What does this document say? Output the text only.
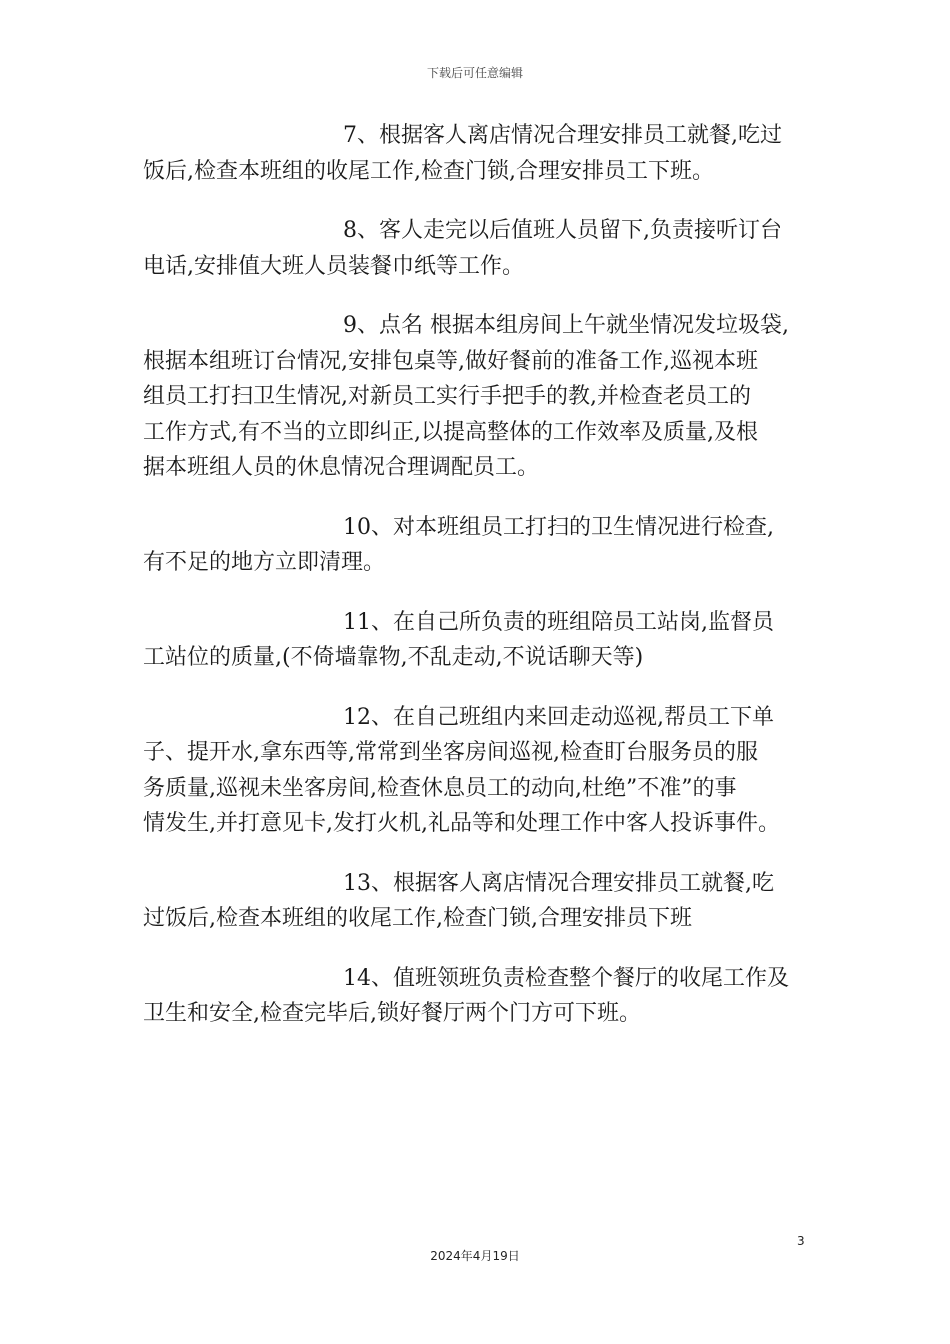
下载后可任意编辑

7、根据客人离店情况合理安排员工就餐,吃过
饭后,检查本班组的收尾工作,检查门锁,合理安排员工下班。

8、客人走完以后值班人员留下,负责接听订台
电话,安排值大班人员装餐巾纸等工作。

9、点名 根据本组房间上午就坐情况发垃圾袋,
根据本组班订台情况,安排包桌等,做好餐前的准备工作,巡视本班
组员工打扫卫生情况,对新员工实行手把手的教,并检查老员工的
工作方式,有不当的立即纠正,以提高整体的工作效率及质量,及根
据本班组人员的休息情况合理调配员工。

10、对本班组员工打扫的卫生情况进行检查,
有不足的地方立即清理。

11、在自己所负责的班组陪员工站岗,监督员
工站位的质量,(不倚墙靠物,不乱走动,不说话聊天等)

12、在自己班组内来回走动巡视,帮员工下单
子、提开水,拿东西等,常常到坐客房间巡视,检查盯台服务员的服
务质量,巡视未坐客房间,检查休息员工的动向,杜绝”不准”的事
情发生,并打意见卡,发打火机,礼品等和处理工作中客人投诉事件。

13、根据客人离店情况合理安排员工就餐,吃
过饭后,检查本班组的收尾工作,检查门锁,合理安排员下班

14、值班领班负责检查整个餐厅的收尾工作及
卫生和安全,检查完毕后,锁好餐厅两个门方可下班。

3
2024年4月19日
